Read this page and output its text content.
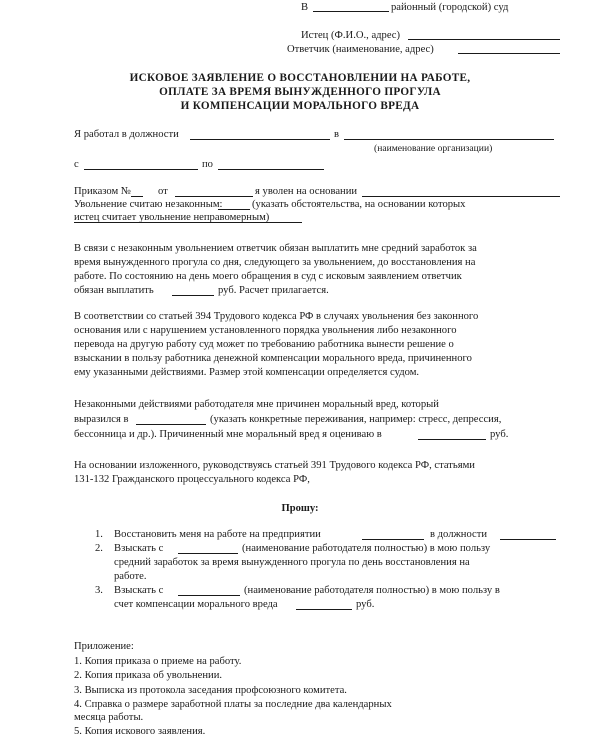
В	районный (городской) суд
Истец (Ф.И.О., адрес)
Ответчик (наименование, адрес)
ИСКОВОЕ ЗАЯВЛЕНИЕ О ВОССТАНОВЛЕНИИ НА РАБОТЕ,
ОПЛАТЕ ЗА ВРЕМЯ ВЫНУЖДЕННОГО ПРОГУЛА
И КОМПЕНСАЦИИ МОРАЛЬНОГО ВРЕДА
Я работал в должности	в
(наименование организации)
с	по
Приказом №	от	я уволен на основании
Увольнение считаю незаконным:	(указать обстоятельства, на основании которых
истец считает увольнение неправомерным)
В связи с незаконным увольнением ответчик обязан выплатить мне средний заработок за
время вынужденного прогула со дня, следующего за увольнением, до восстановления на
работе. По состоянию на день моего обращения в суд с исковым заявлением ответчик
обязан выплатить	руб. Расчет прилагается.
В соответствии со статьей 394 Трудового кодекса РФ в случаях увольнения без законного
основания или с нарушением установленного порядка увольнения либо незаконного
перевода на другую работу суд может по требованию работника вынести решение о
взыскании в пользу работника денежной компенсации морального вреда, причиненного
ему указанными действиями. Размер этой компенсации определяется судом.
Незаконными действиями работодателя мне причинен моральный вред, который
выразился в	(указать конкретные переживания, например: стресс, депрессия,
бессонница и др.). Причиненный мне моральный вред я оцениваю в	руб.
На основании изложенного, руководствуясь статьей 391 Трудового кодекса РФ, статьями
131-132 Гражданского процессуального кодекса РФ,
Прошу:
1. Восстановить меня на работе на предприятии	в должности
2. Взыскать с	(наименование работодателя полностью) в мою пользу
средний заработок за время вынужденного прогула по день восстановления на
работе.
3. Взыскать с	(наименование работодателя полностью) в мою пользу в
счет компенсации морального вреда	руб.
Приложение:
1. Копия приказа о приеме на работу.
2. Копия приказа об увольнении.
3. Выписка из протокола заседания профсоюзного комитета.
4. Справка о размере заработной платы за последние два календарных
месяца работы.
5. Копия искового заявления.
